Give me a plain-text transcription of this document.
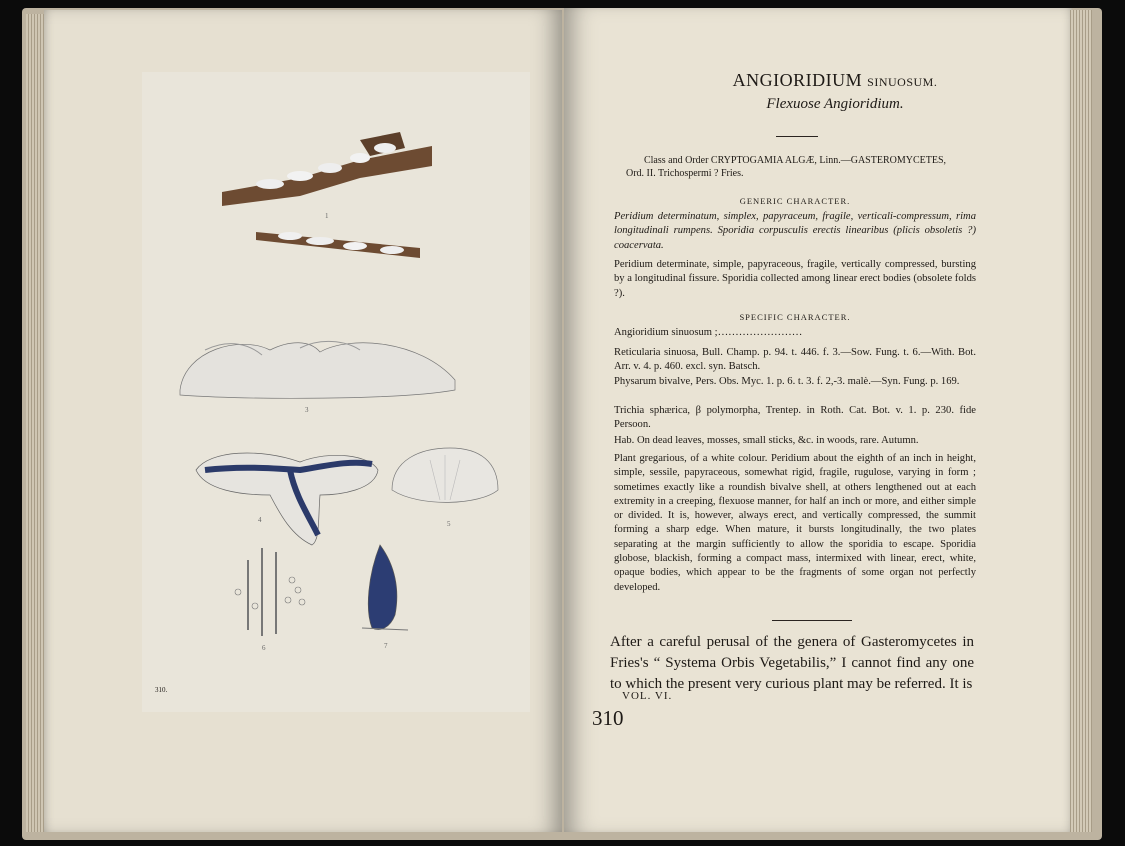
310.
1
3
4	5
6	7
ANGIORIDIUM SINUOSUM.
Flexuose Angioridium.
Class and Order CRYPTOGAMIA ALGÆ, Linn.—GASTEROMYCETES,
Ord. II. Trichospermi ? Fries.
GENERIC CHARACTER.
Peridium determinatum, simplex, papyraceum, fragile, verticali-compressum, rima longitudinali rumpens. Sporidia corpusculis erectis linearibus (plicis obsoletis ?) coacervata.
Peridium determinate, simple, papyraceous, fragile, vertically compressed, bursting by a longitudinal fissure. Sporidia collected among linear erect bodies (obsolete folds ?).
SPECIFIC CHARACTER.
Angioridium sinuosum ;……………………
Reticularia sinuosa, Bull. Champ. p. 94. t. 446. f. 3.—Sow. Fung. t. 6.—With. Bot. Arr. v. 4. p. 460. excl. syn. Batsch.
Physarum bivalve, Pers. Obs. Myc. 1. p. 6. t. 3. f. 2,-3. malè.—Syn. Fung. p. 169.
Trichia sphærica, β polymorpha, Trentep. in Roth. Cat. Bot. v. 1. p. 230. fide Persoon.
Hab. On dead leaves, mosses, small sticks, &c. in woods, rare. Autumn.
Plant gregarious, of a white colour. Peridium about the eighth of an inch in height, simple, sessile, papyraceous, somewhat rigid, fragile, rugulose, varying in form ; sometimes exactly like a roundish bivalve shell, at others lengthened out at each extremity in a creeping, flexuose manner, for half an inch or more, and either simple or divided. It is, however, always erect, and vertically compressed, the summit forming a sharp edge. When mature, it bursts longitudinally, the two plates separating at the margin sufficiently to allow the sporidia to escape. Sporidia globose, blackish, forming a compact mass, intermixed with linear, erect, white, opaque bodies, which appear to be the fragments of some organ not perfectly developed.
After a careful perusal of the genera of Gasteromycetes in Fries's “ Systema Orbis Vegetabilis,” I cannot find any one to which the present very curious plant may be referred. It is
VOL. VI.
310
